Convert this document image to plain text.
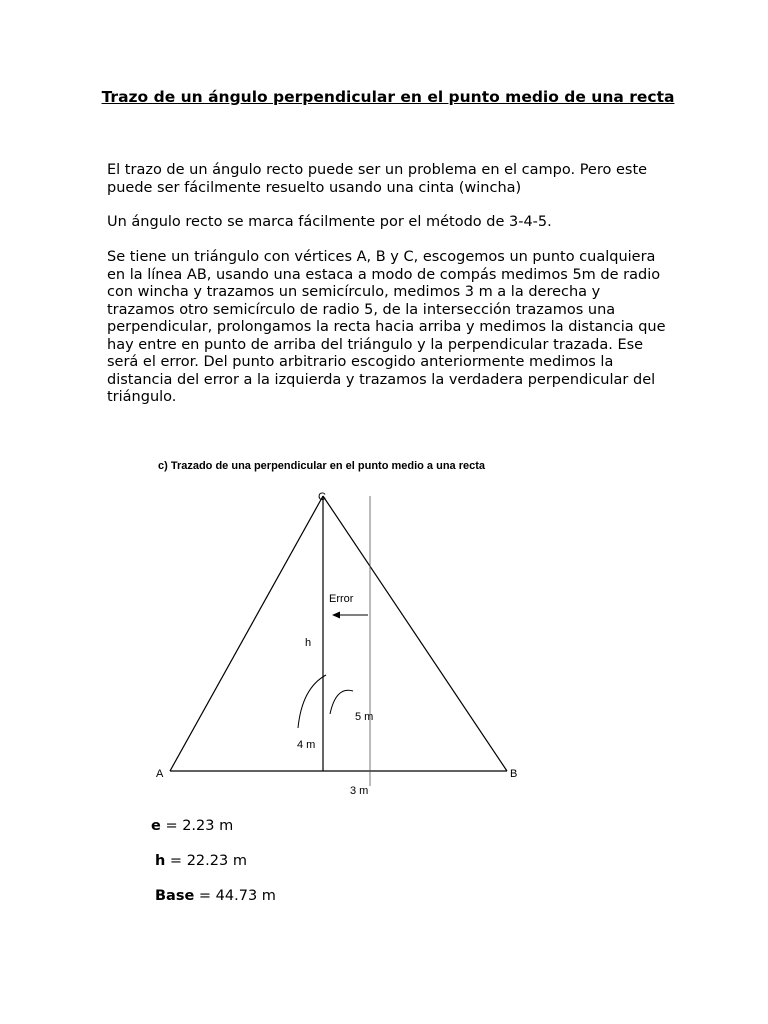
Trazo de un ángulo perpendicular en el punto medio de una recta

El trazo de un ángulo recto puede ser un problema en el campo. Pero este puede ser fácilmente resuelto usando una cinta (wincha)

Un ángulo recto se marca fácilmente por el método de 3-4-5.

Se tiene un triángulo con vértices A, B y C, escogemos un punto cualquiera en la línea AB, usando una estaca a modo de compás medimos 5m de radio con wincha y trazamos un semicírculo, medimos 3 m a la derecha y trazamos otro semicírculo de radio 5, de la intersección trazamos una perpendicular, prolongamos la recta hacia arriba y medimos la distancia que hay entre en punto de arriba del triángulo y la perpendicular trazada. Ese será el error. Del punto arbitrario escogido anteriormente medimos la distancia del error a la izquierda y trazamos la verdadera perpendicular del triángulo.

c) Trazado de una perpendicular en el punto medio a una recta
C
A	B
Error
h
5 m
4 m
3 m
e = 2.23 m
h = 22.23 m
Base = 44.73 m
